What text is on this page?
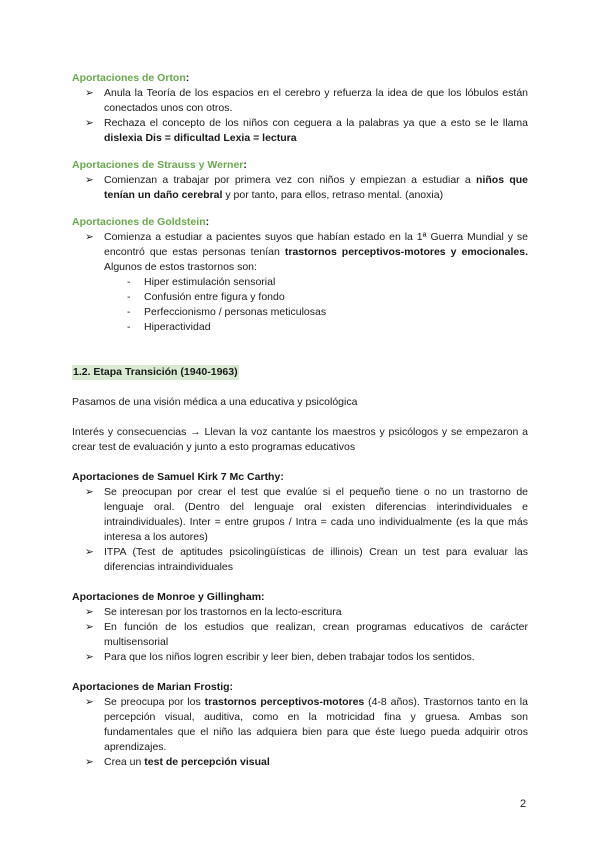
Aportaciones de Orton:

➢ Anula la Teoría de los espacios en el cerebro y refuerza la idea de que los lóbulos están conectados unos con otros.
➢ Rechaza el concepto de los niños con ceguera a la palabras ya que a esto se le llama dislexia Dis = dificultad Lexia = lectura

Aportaciones de Strauss y Werner:

➢ Comienzan a trabajar por primera vez con niños y empiezan a estudiar a niños que tenían un daño cerebral y por tanto, para ellos, retraso mental. (anoxia)

Aportaciones de Goldstein:

➢ Comienza a estudiar a pacientes suyos que habían estado en la 1ª Guerra Mundial y se encontró que estas personas tenían trastornos perceptivos-motores y emocionales. Algunos de estos trastornos son:
- Hiper estimulación sensorial
- Confusión entre figura y fondo
- Perfeccionismo / personas meticulosas
- Hiperactividad

1.2. Etapa Transición (1940-1963)

Pasamos de una visión médica a una educativa y psicológica

Interés y consecuencias → Llevan la voz cantante los maestros y psicólogos y se empezaron a crear test de evaluación y junto a esto programas educativos

Aportaciones de Samuel Kirk 7 Mc Carthy:

➢ Se preocupan por crear el test que evalúe si el pequeño tiene o no un trastorno de lenguaje oral. (Dentro del lenguaje oral existen diferencias interindividuales e intraindividuales). Inter = entre grupos / Intra = cada uno individualmente (es la que más interesa a los autores)
➢ ITPA (Test de aptitudes psicolingüísticas de illinois) Crean un test para evaluar las diferencias intraindividuales

Aportaciones de Monroe y Gillingham:

➢ Se interesan por los trastornos en la lecto-escritura
➢ En función de los estudios que realizan, crean programas educativos de carácter multisensorial
➢ Para que los niños logren escribir y leer bien, deben trabajar todos los sentidos.

Aportaciones de Marian Frostig:

➢ Se preocupa por los trastornos perceptivos-motores (4-8 años). Trastornos tanto en la percepción visual, auditiva, como en la motricidad fina y gruesa. Ambas son fundamentales que el niño las adquiera bien para que éste luego pueda adquirir otros aprendizajes.
➢ Crea un test de percepción visual
2
